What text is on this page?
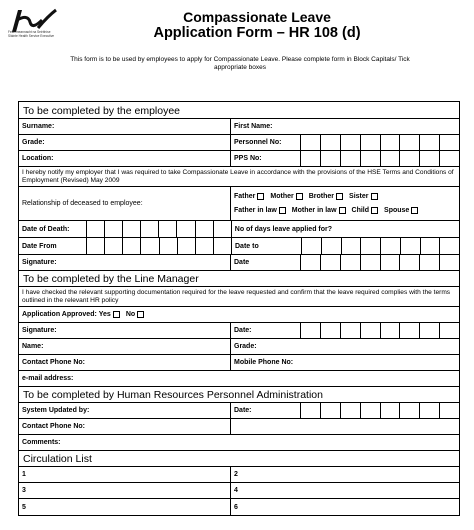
Feidhmeannacht na Seirbhíse Sláinte Health Service Executive
Compassionate Leave
Application Form – HR 108 (d)
This form is to be used by employees to apply for Compassionate Leave. Please complete form in Block Capitals/ Tick appropriate boxes
To be completed by the employee
Surname:	First Name:
Grade:	Personnel No:
Location:	PPS No:
I hereby notify my employer that I was required to take Compassionate Leave in accordance with the provisions of the HSE Terms and Conditions of Employment (Revised) May 2009
Relationship of deceased to employee:
Father Mother Brother Sister
Father in law Mother in law Child Spouse
Date of Death:	No of days leave applied for?
Date From	Date to
Signature:	Date
To be completed by the Line Manager
I have checked the relevant supporting documentation required for the leave requested and confirm that the leave required complies with the terms outlined in the relevant HR policy
Application Approved:
Yes No
Signature:	Date:
Name:	Grade:
Contact Phone No:	Mobile Phone No:
e-mail address:
To be completed by Human Resources Personnel Administration
System Updated by:	Date:
Contact Phone No:
Comments:
Circulation List
1	2
3	4
5	6
